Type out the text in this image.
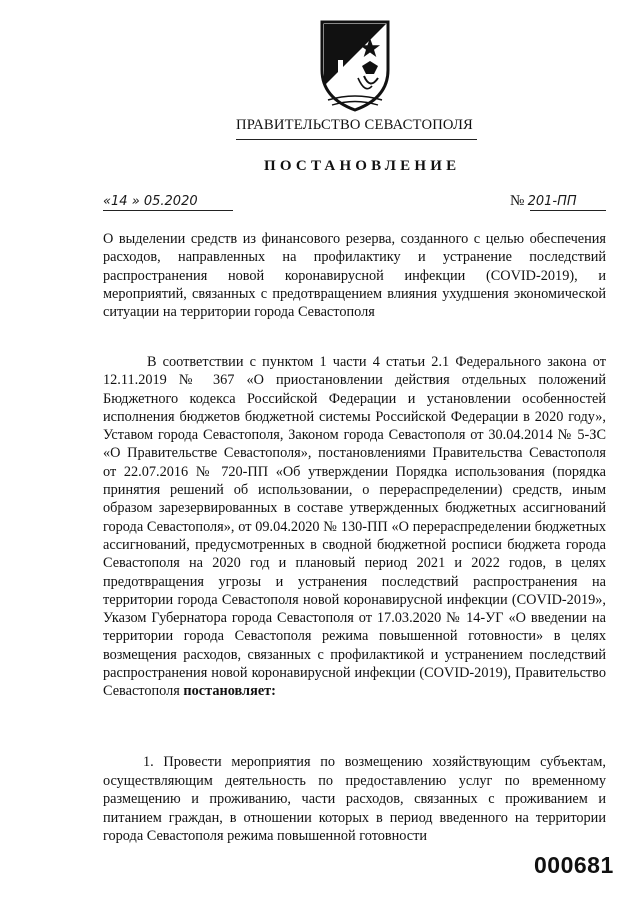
ПРАВИТЕЛЬСТВО СЕВАСТОПОЛЯ
ПОСТАНОВЛЕНИЕ
«14 » 05.2020	№ 201-ПП
О выделении средств из финансового резерва, созданного с целью обеспечения расходов, направленных на профилактику и устранение последствий распространения новой коронавирусной инфекции (COVID-2019), и мероприятий, связанных с предотвращением влияния ухудшения экономической ситуации на территории города Севастополя
В соответствии с пунктом 1 части 4 статьи 2.1 Федерального закона от 12.11.2019 № 367 «О приостановлении действия отдельных положений Бюджетного кодекса Российской Федерации и установлении особенностей исполнения бюджетов бюджетной системы Российской Федерации в 2020 году», Уставом города Севастополя, Законом города Севастополя от 30.04.2014 № 5-ЗС «О Правительстве Севастополя», постановлениями Правительства Севастополя от 22.07.2016 № 720-ПП «Об утверждении Порядка использования (порядка принятия решений об использовании, о перераспределении) средств, иным образом зарезервированных в составе утвержденных бюджетных ассигнований города Севастополя», от 09.04.2020 № 130-ПП «О перераспределении бюджетных ассигнований, предусмотренных в сводной бюджетной росписи бюджета города Севастополя на 2020 год и плановый период 2021 и 2022 годов, в целях предотвращения угрозы и устранения последствий распространения на территории города Севастополя новой коронавирусной инфекции (COVID-2019», Указом Губернатора города Севастополя от 17.03.2020 № 14-УГ «О введении на территории города Севастополя режима повышенной готовности» в целях возмещения расходов, связанных с профилактикой и устранением последствий распространения новой коронавирусной инфекции (COVID-2019), Правительство Севастополя постановляет:
1. Провести мероприятия по возмещению хозяйствующим субъектам, осуществляющим деятельность по предоставлению услуг по временному размещению и проживанию, части расходов, связанных с проживанием и питанием граждан, в отношении которых в период введенного на территории города Севастополя режима повышенной готовности
000681
